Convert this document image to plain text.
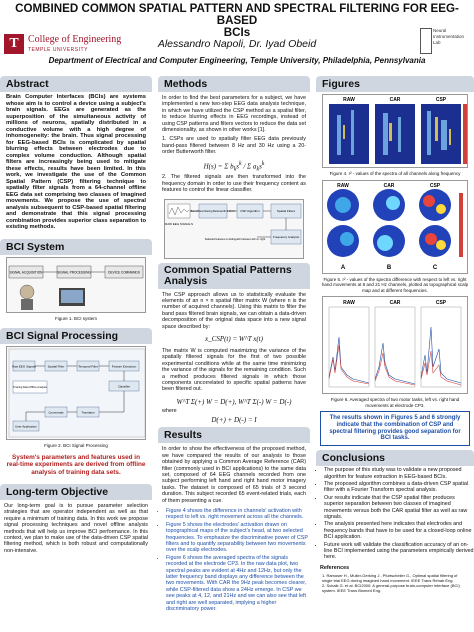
COMBINED COMMON SPATIAL PATTERN AND SPECTRAL FILTERING FOR EEG-BASED
BCIs
T College of Engineering
TEMPLE UNIVERSITY	Alessandro Napoli, Dr. Iyad Obeid
Neural Instrumentation Lab
Department of Electrical and Computer Engineering, Temple University, Philadelphia, Pennsylvania
Abstract
Brain Computer Interfaces (BCIs) are systems whose aim is to control a device using a subject's brain signals. EEGs are generated as the superposition of the simultaneous activity of millions of neurons, spatially distributed in a conductive volume with a high degree of inhomogeneity: the brain. Thus signal processing for EEG-based BCIs is complicated by spatial blurring effects between electrodes due to complex volume conduction. Although spatial filters are increasingly being used to mitigate these effects, results have been limited. In this work, we investigate the use of the Common Spatial Pattern (CSP) filtering technique to spatially filter signals from a 64-channel offline EEG data set comprising two classes of imagined movements. We propose the use of spectral analysis subsequent to CSP-based spatial filtering and demonstrate that this signal processing combination provides superior class separation to existing methods.
BCI System
SIGNAL ACQUISITION	SIGNAL PROCESSING	DEVICE COMMANDS
Figure 1. BCI system
BCI Signal Processing
Raw EEG Signals	Spatial Filter	Temporal Filter	Feature Extraction
Classifier
Training Data Offline Analysis
Commands	Translator
User Application
Figure 2. BCI Signal Processing
System's parameters and features used in real-time experiments are derived from offline analysis of training data sets.
Long-term Objective
Our long-term goal is to pursue parameter selection strategies that are operator independent as well as that require a minimum of training data. In this work we propose signal processing techniques and novel offline analysis methods that will help us improve BCI performance. In this context, we plan to make use of the data-driven CSP spatial filtering method, which is both robust and computationally non-intensive.
Methods
In order to find the best parameters for a subject, we have implemented a new two-step EEG data analysis technique, in which we have utilized the CSP method as a spatial filter, to reduce blurring effects in EEG recordings, instead of using CSP patterns and filters vectors to reduce the data set dimensionality, as shown in other works [1].
1. CSPs are used to spatially filter EEG data previously band-pass filtered between 8 Hz and 30 Hz using a 20-order Butterworth filter.
H(s) = Σ $b_ks^k$ / Σ $a_ks^k$
2. The filtered signals are then transformed into the frequency domain in order to use their frequency content as features to control the linear classifier.
RAW EEG SIGNALS
Band-Pass Filtering Butterworth 8-30 Hz CSP Algorithm	Spatial Filters
Frequency Analysis
Selected features to distinguish between left vs. right
Common Spatial Patterns
Analysis
The CSP approach allows us to statistically evaluate the elements of an n × n spatial filter matrix W (where n is the number of acquired channels). Using this matrix to filter the band pass filtered brain signals, we can obtain a data-driven decomposition of the original data space into a new signal space described by:
x_CSP(t) = W^T x(t)
The matrix W is computed maximizing the variance of the spatially filtered signals for the first of two possible experimental conditions while at the same time minimizing the variance of the signals for the remaining condition. Such a method produces filtered signals in which those components uncorrelated to specific spatial patterns have been filtered out.
W^T Σ(+) W = D(+), W^T Σ(-) W = D(-)
where
D(+) + D(-) = I
Results
In order to show the effectiveness of the proposed method, we have compared the results of our analysis to those obtained by applying a Common Average Reference (CAR) filter (commonly used in BCI applications) to the same data set, composed of 64 EEG channels recorded from one subject performing left hand and right hand motor imagery tasks. The dataset is composed of 65 trials of 3 second duration. This subject recorded 65 event-related trials, each of them presenting a cue.
• Figure 4 shows the difference in channels' activation with respect to left vs. right movement across all the channels.
• Figure 5 shows the electrodes' activation drawn on topographical maps of the subject's head, at two selected frequencies. To emphasize the discriminative power of CSP filters and to quantify separability between two movements over the scalp electrodes.
• Figure 6 shows the averaged spectra of the signals recorded at the electrode CP3. In the raw data plot, two spectral peaks are evident at 4Hz and 12Hz, but only the latter frequency band displays any difference between the two movements. With CAR the 9Hz peak becomes clearer, while CSP-filtered data show a 24Hz emerge. In CSP we see peaks at 4, 12, and 21Hz and we can also see that left and right are well separated, implying a higher discriminatory power.
Figures
RAW	CAR	CSP
Figure 4. r² - values of the spectra of all channels along frequency
RAW	CAR	CSP
A	B	C
Figure 5. r² - values of the spectra difference with respect to left vs. right hand movements at 8 and 21 Hz channels, plotted as topographical scalp map and at different frequencies.
RAW	CAR	CSP
Figure 6. Averaged spectra of two motor tasks, left vs. right hand movements at electrode CP3.
The results shown in Figures 5 and 6 strongly indicate that the combination of CSP and spectral filtering provides good separation for BCI tasks.
Conclusions
• The purpose of this study was to validate a new proposed algorithm for feature extraction in EEG-based BCIs.
• The proposed algorithm combines a data-driven CSP spatial filter with a Fourier Transform spectral analysis.
• Our results indicate that the CSP spatial filter produces superior separation between two classes of imagined movements versus both the CAR spatial filter as well as raw signals.
• The analysis presented here indicates that electrodes and frequency bands that have to be used for a closed-loop online BCI application.
• Future work will validate the classification accuracy of an on-line BCI implemented using the parameters empirically derived here.
References
1. Ramoser H., Muller-Gerking J., Pfurtscheller G., Optimal spatial filtering of single trial EEG during imagined hand movement. IEEE Trans Rehab Eng.
2. Schalk G. et al. BCI2000: A general-purpose brain-computer interface (BCI) system. IEEE Trans Biomed Eng.
